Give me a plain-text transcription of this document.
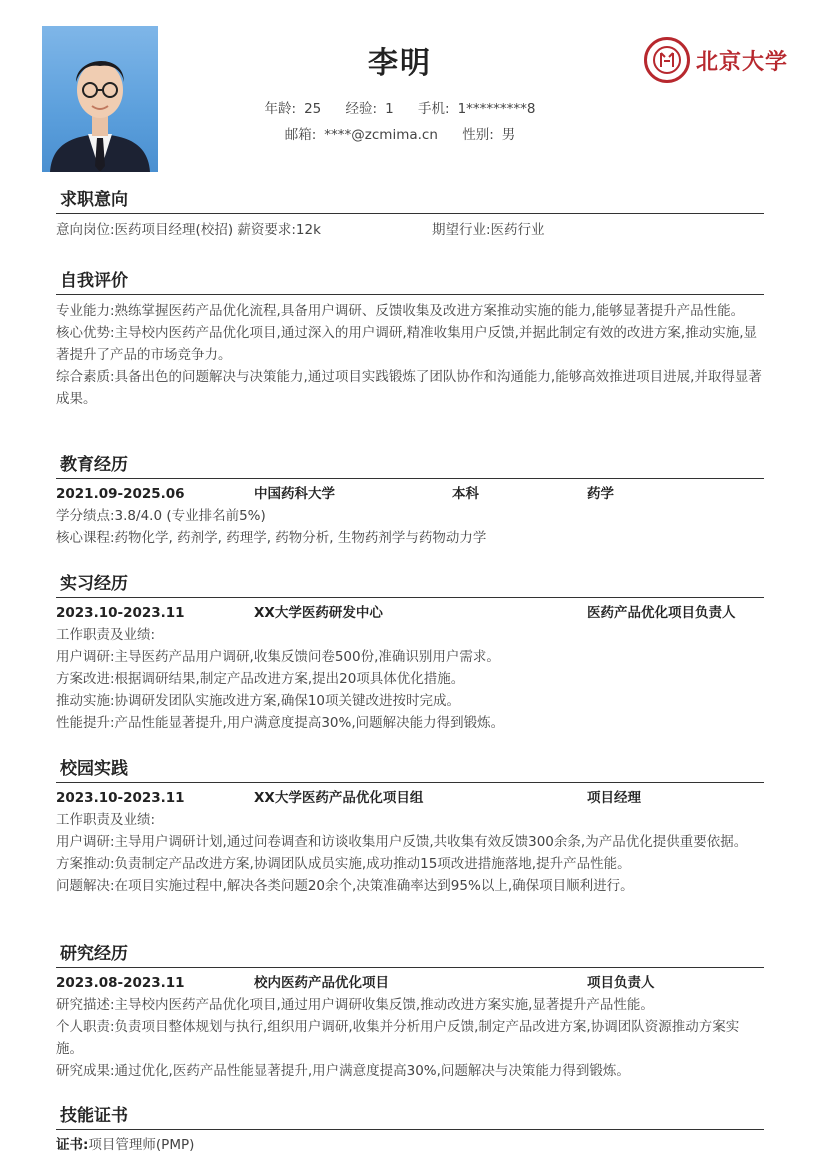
李明
年龄: 25 经验: 1 手机: 1*********8
邮箱: ****@zcmima.cn 性别: 男
北京大学
求职意向
意向岗位:医药项目经理(校招) 薪资要求:12k	期望行业:医药行业
自我评价

专业能力:熟练掌握医药产品优化流程,具备用户调研、反馈收集及改进方案推动实施的能力,能够显著提升产品性能。

核心优势:主导校内医药产品优化项目,通过深入的用户调研,精准收集用户反馈,并据此制定有效的改进方案,推动实施,显著提升了产品的市场竞争力。

综合素质:具备出色的问题解决与决策能力,通过项目实践锻炼了团队协作和沟通能力,能够高效推进项目进展,并取得显著成果。

教育经历
2021.09-2025.06	中国药科大学	本科	药学

学分绩点:3.8/4.0 (专业排名前5%)

核心课程:药物化学, 药剂学, 药理学, 药物分析, 生物药剂学与药物动力学

实习经历
2023.10-2023.11	XX大学医药研发中心	医药产品优化项目负责人

工作职责及业绩:

用户调研:主导医药产品用户调研,收集反馈问卷500份,准确识别用户需求。

方案改进:根据调研结果,制定产品改进方案,提出20项具体优化措施。

推动实施:协调研发团队实施改进方案,确保10项关键改进按时完成。

性能提升:产品性能显著提升,用户满意度提高30%,问题解决能力得到锻炼。

校园实践
2023.10-2023.11	XX大学医药产品优化项目组	项目经理

工作职责及业绩:

用户调研:主导用户调研计划,通过问卷调查和访谈收集用户反馈,共收集有效反馈300余条,为产品优化提供重要依据。

方案推动:负责制定产品改进方案,协调团队成员实施,成功推动15项改进措施落地,提升产品性能。

问题解决:在项目实施过程中,解决各类问题20余个,决策准确率达到95%以上,确保项目顺利进行。

研究经历
2023.08-2023.11	校内医药产品优化项目	项目负责人

研究描述:主导校内医药产品优化项目,通过用户调研收集反馈,推动改进方案实施,显著提升产品性能。

个人职责:负责项目整体规划与执行,组织用户调研,收集并分析用户反馈,制定产品改进方案,协调团队资源推动方案实施。

研究成果:通过优化,医药产品性能显著提升,用户满意度提高30%,问题解决与决策能力得到锻炼。

技能证书
证书:项目管理师(PMP)
